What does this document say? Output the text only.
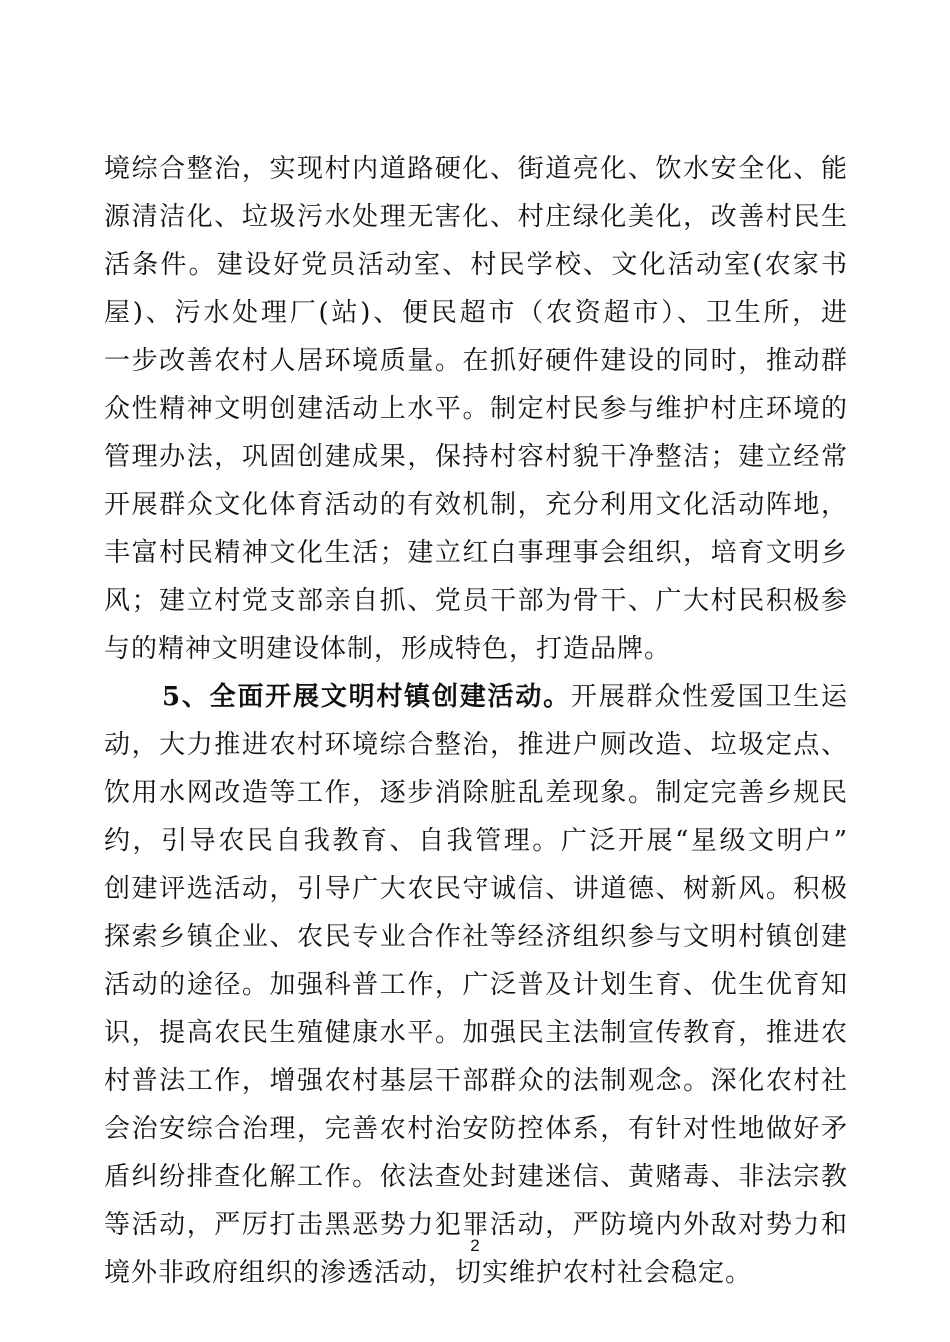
境综合整治，实现村内道路硬化、街道亮化、饮水安全化、能
源清洁化、垃圾污水处理无害化、村庄绿化美化，改善村民生
活条件。建设好党员活动室、村民学校、文化活动室(农家书
屋)、污水处理厂(站)、便民超市（农资超市）、卫生所，进
一步改善农村人居环境质量。在抓好硬件建设的同时，推动群
众性精神文明创建活动上水平。制定村民参与维护村庄环境的
管理办法，巩固创建成果，保持村容村貌干净整洁；建立经常
开展群众文化体育活动的有效机制，充分利用文化活动阵地，
丰富村民精神文化生活；建立红白事理事会组织，培育文明乡
风；建立村党支部亲自抓、党员干部为骨干、广大村民积极参
与的精神文明建设体制，形成特色，打造品牌。
5、全面开展文明村镇创建活动。开展群众性爱国卫生运
动，大力推进农村环境综合整治，推进户厕改造、垃圾定点、
饮用水网改造等工作，逐步消除脏乱差现象。制定完善乡规民
约，引导农民自我教育、自我管理。广泛开展“星级文明户”
创建评选活动，引导广大农民守诚信、讲道德、树新风。积极
探索乡镇企业、农民专业合作社等经济组织参与文明村镇创建
活动的途径。加强科普工作，广泛普及计划生育、优生优育知
识，提高农民生殖健康水平。加强民主法制宣传教育，推进农
村普法工作，增强农村基层干部群众的法制观念。深化农村社
会治安综合治理，完善农村治安防控体系，有针对性地做好矛
盾纠纷排查化解工作。依法查处封建迷信、黄赌毒、非法宗教
等活动，严厉打击黑恶势力犯罪活动，严防境内外敌对势力和
境外非政府组织的渗透活动，切实维护农村社会稳定。
2
